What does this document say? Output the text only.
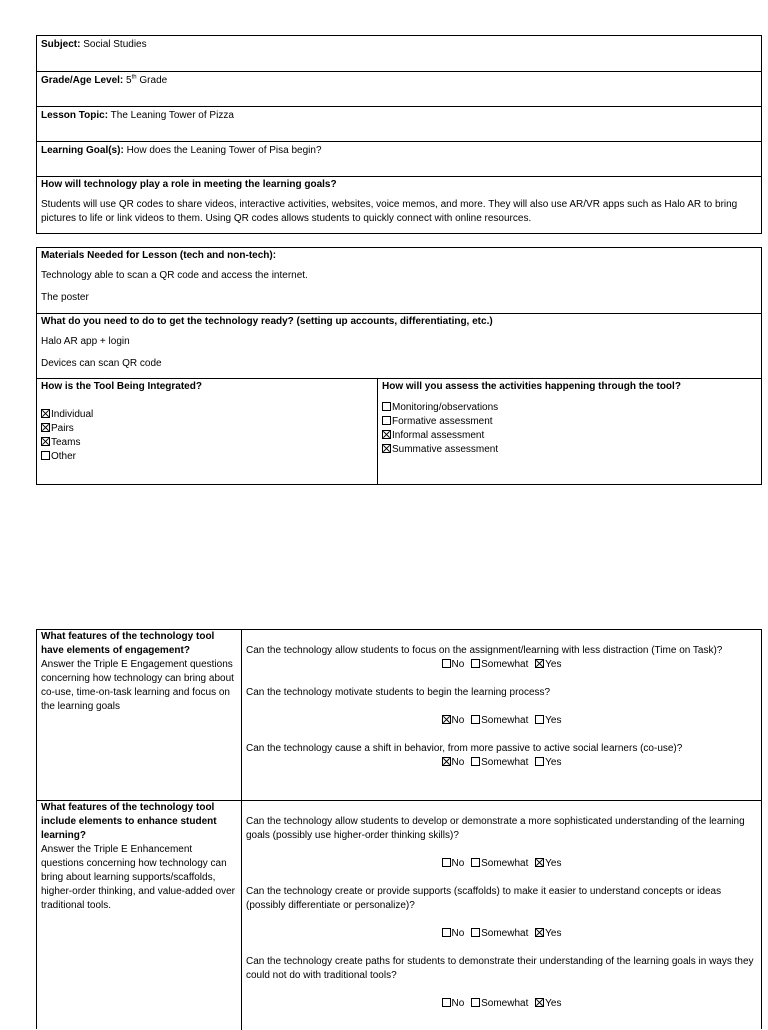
Subject: Social Studies
Grade/Age Level: 5th Grade
Lesson Topic: The Leaning Tower of Pizza
Learning Goal(s): How does the Leaning Tower of Pisa begin?

How will technology play a role in meeting the learning goals?

Students will use QR codes to share videos, interactive activities, websites, voice memos, and more. They will also use AR/VR apps such as Halo AR to bring pictures to life or link videos to them. Using QR codes allows students to quickly connect with online resources.

Materials Needed for Lesson (tech and non-tech):

Technology able to scan a QR code and access the internet.

The poster

What do you need to do to get the technology ready? (setting up accounts, differentiating, etc.)

Halo AR app + login

Devices can scan QR code

How is the Tool Being Integrated?

Individual

Pairs

Teams

Other

How will you assess the activities happening through the tool?

Monitoring/observations

Formative assessment

Informal assessment

Summative assessment

What features of the technology tool have elements of engagement?

Answer the Triple E Engagement questions concerning how technology can bring about co-use, time-on-task learning and focus on the learning goals

Can the technology allow students to focus on the assignment/learning with less distraction (Time on Task)?

No Somewhat Yes

Can the technology motivate students to begin the learning process?

No Somewhat Yes

Can the technology cause a shift in behavior, from more passive to active social learners (co-use)?

No Somewhat Yes

What features of the technology tool include elements to enhance student learning?

Answer the Triple E Enhancement questions concerning how technology can bring about learning supports/scaffolds, higher-order thinking, and value-added over traditional tools.

Can the technology allow students to develop or demonstrate a more sophisticated understanding of the learning goals (possibly use higher-order thinking skills)?

No Somewhat Yes

Can the technology create or provide supports (scaffolds) to make it easier to understand concepts or ideas (possibly differentiate or personalize)?

No Somewhat Yes

Can the technology create paths for students to demonstrate their understanding of the learning goals in ways they could not do with traditional tools?

No Somewhat Yes
